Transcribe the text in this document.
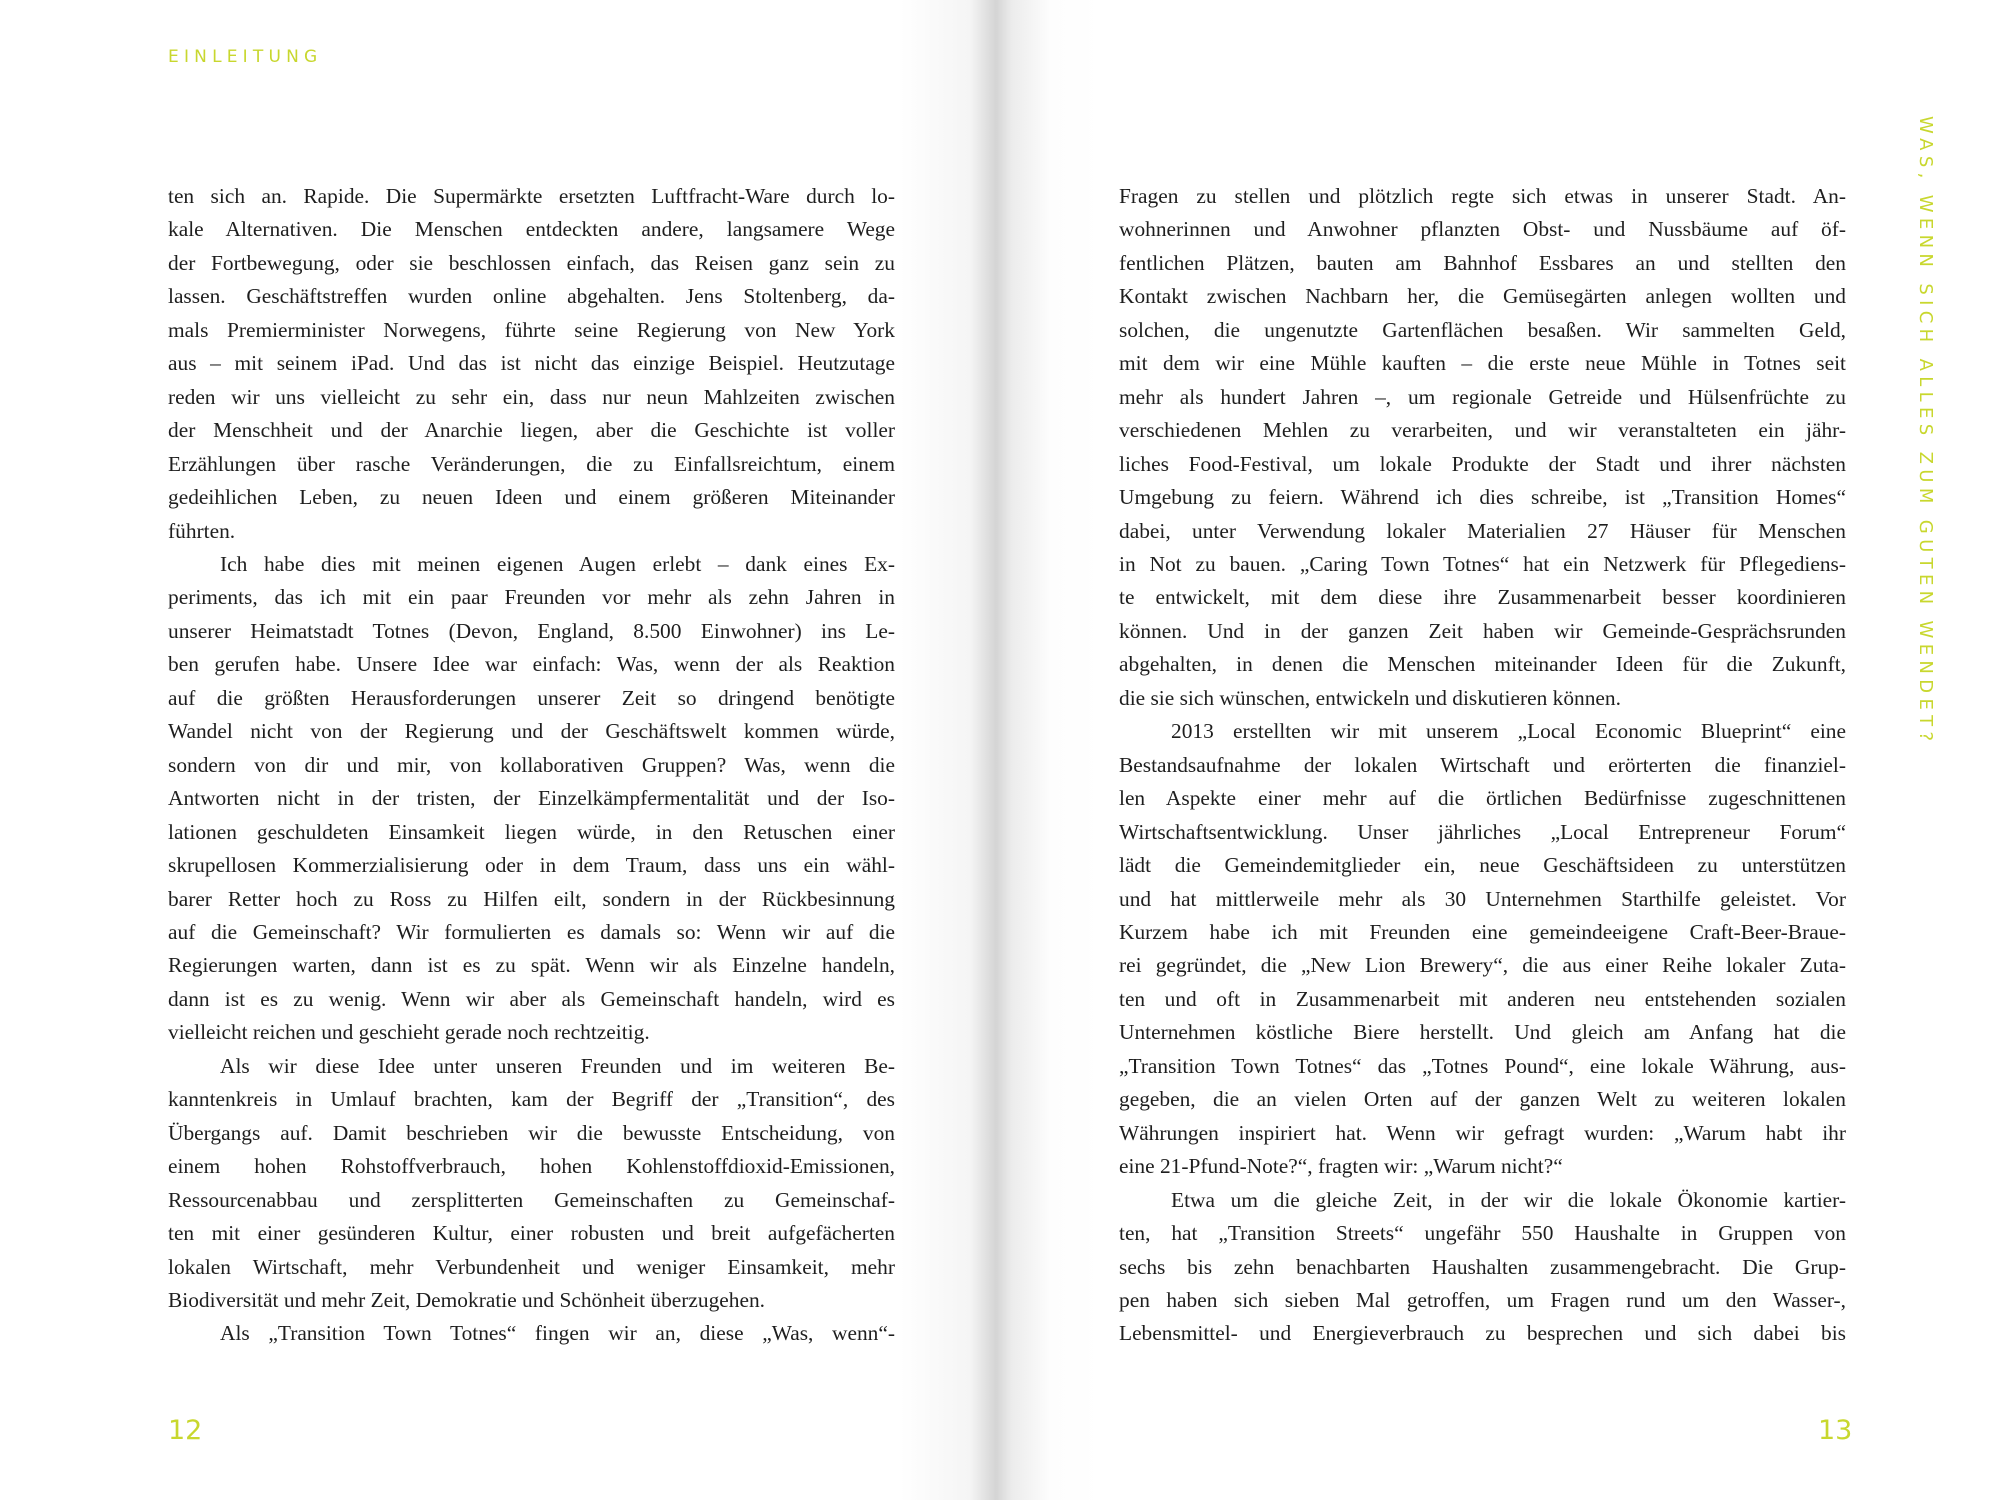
EINLEITUNG
WAS, WENN SICH ALLES ZUM GUTEN WENDET?
ten sich an. Rapide. Die Supermärkte ersetzten Luftfracht-Ware durch lo-
kale Alternativen. Die Menschen entdeckten andere, langsamere Wege
der Fortbewegung, oder sie beschlossen einfach, das Reisen ganz sein zu
lassen. Geschäftstreffen wurden online abgehalten. Jens Stoltenberg, da-
mals Premierminister Norwegens, führte seine Regierung von New York
aus – mit seinem iPad. Und das ist nicht das einzige Beispiel. Heutzutage
reden wir uns vielleicht zu sehr ein, dass nur neun Mahlzeiten zwischen
der Menschheit und der Anarchie liegen, aber die Geschichte ist voller
Erzählungen über rasche Veränderungen, die zu Einfallsreichtum, einem
gedeihlichen Leben, zu neuen Ideen und einem größeren Miteinander
führten.
Ich habe dies mit meinen eigenen Augen erlebt – dank eines Ex-
periments, das ich mit ein paar Freunden vor mehr als zehn Jahren in
unserer Heimatstadt Totnes (Devon, England, 8.500 Einwohner) ins Le-
ben gerufen habe. Unsere Idee war einfach: Was, wenn der als Reaktion
auf die größten Herausforderungen unserer Zeit so dringend benötigte
Wandel nicht von der Regierung und der Geschäftswelt kommen würde,
sondern von dir und mir, von kollaborativen Gruppen? Was, wenn die
Antworten nicht in der tristen, der Einzelkämpfermentalität und der Iso-
lationen geschuldeten Einsamkeit liegen würde, in den Retuschen einer
skrupellosen Kommerzialisierung oder in dem Traum, dass uns ein wähl-
barer Retter hoch zu Ross zu Hilfen eilt, sondern in der Rückbesinnung
auf die Gemeinschaft? Wir formulierten es damals so: Wenn wir auf die
Regierungen warten, dann ist es zu spät. Wenn wir als Einzelne handeln,
dann ist es zu wenig. Wenn wir aber als Gemeinschaft handeln, wird es
vielleicht reichen und geschieht gerade noch rechtzeitig.
Als wir diese Idee unter unseren Freunden und im weiteren Be-
kanntenkreis in Umlauf brachten, kam der Begriff der „Transition“, des
Übergangs auf. Damit beschrieben wir die bewusste Entscheidung, von
einem hohen Rohstoffverbrauch, hohen Kohlenstoffdioxid-Emissionen,
Ressourcenabbau und zersplitterten Gemeinschaften zu Gemeinschaf-
ten mit einer gesünderen Kultur, einer robusten und breit aufgefächerten
lokalen Wirtschaft, mehr Verbundenheit und weniger Einsamkeit, mehr
Biodiversität und mehr Zeit, Demokratie und Schönheit überzugehen.
Als „Transition Town Totnes“ fingen wir an, diese „Was, wenn“-
Fragen zu stellen und plötzlich regte sich etwas in unserer Stadt. An-
wohnerinnen und Anwohner pflanzten Obst- und Nussbäume auf öf-
fentlichen Plätzen, bauten am Bahnhof Essbares an und stellten den
Kontakt zwischen Nachbarn her, die Gemüsegärten anlegen wollten und
solchen, die ungenutzte Gartenflächen besaßen. Wir sammelten Geld,
mit dem wir eine Mühle kauften – die erste neue Mühle in Totnes seit
mehr als hundert Jahren –, um regionale Getreide und Hülsenfrüchte zu
verschiedenen Mehlen zu verarbeiten, und wir veranstalteten ein jähr-
liches Food-Festival, um lokale Produkte der Stadt und ihrer nächsten
Umgebung zu feiern. Während ich dies schreibe, ist „Transition Homes“
dabei, unter Verwendung lokaler Materialien 27 Häuser für Menschen
in Not zu bauen. „Caring Town Totnes“ hat ein Netzwerk für Pflegediens-
te entwickelt, mit dem diese ihre Zusammenarbeit besser koordinieren
können. Und in der ganzen Zeit haben wir Gemeinde-Gesprächsrunden
abgehalten, in denen die Menschen miteinander Ideen für die Zukunft,
die sie sich wünschen, entwickeln und diskutieren können.
2013 erstellten wir mit unserem „Local Economic Blueprint“ eine
Bestandsaufnahme der lokalen Wirtschaft und erörterten die finanziel-
len Aspekte einer mehr auf die örtlichen Bedürfnisse zugeschnittenen
Wirtschaftsentwicklung. Unser jährliches „Local Entrepreneur Forum“
lädt die Gemeindemitglieder ein, neue Geschäftsideen zu unterstützen
und hat mittlerweile mehr als 30 Unternehmen Starthilfe geleistet. Vor
Kurzem habe ich mit Freunden eine gemeindeeigene Craft-Beer-Braue-
rei gegründet, die „New Lion Brewery“, die aus einer Reihe lokaler Zuta-
ten und oft in Zusammenarbeit mit anderen neu entstehenden sozialen
Unternehmen köstliche Biere herstellt. Und gleich am Anfang hat die
„Transition Town Totnes“ das „Totnes Pound“, eine lokale Währung, aus-
gegeben, die an vielen Orten auf der ganzen Welt zu weiteren lokalen
Währungen inspiriert hat. Wenn wir gefragt wurden: „Warum habt ihr
eine 21-Pfund-Note?“, fragten wir: „Warum nicht?“
Etwa um die gleiche Zeit, in der wir die lokale Ökonomie kartier-
ten, hat „Transition Streets“ ungefähr 550 Haushalte in Gruppen von
sechs bis zehn benachbarten Haushalten zusammengebracht. Die Grup-
pen haben sich sieben Mal getroffen, um Fragen rund um den Wasser-,
Lebensmittel- und Energieverbrauch zu besprechen und sich dabei bis

12	13
